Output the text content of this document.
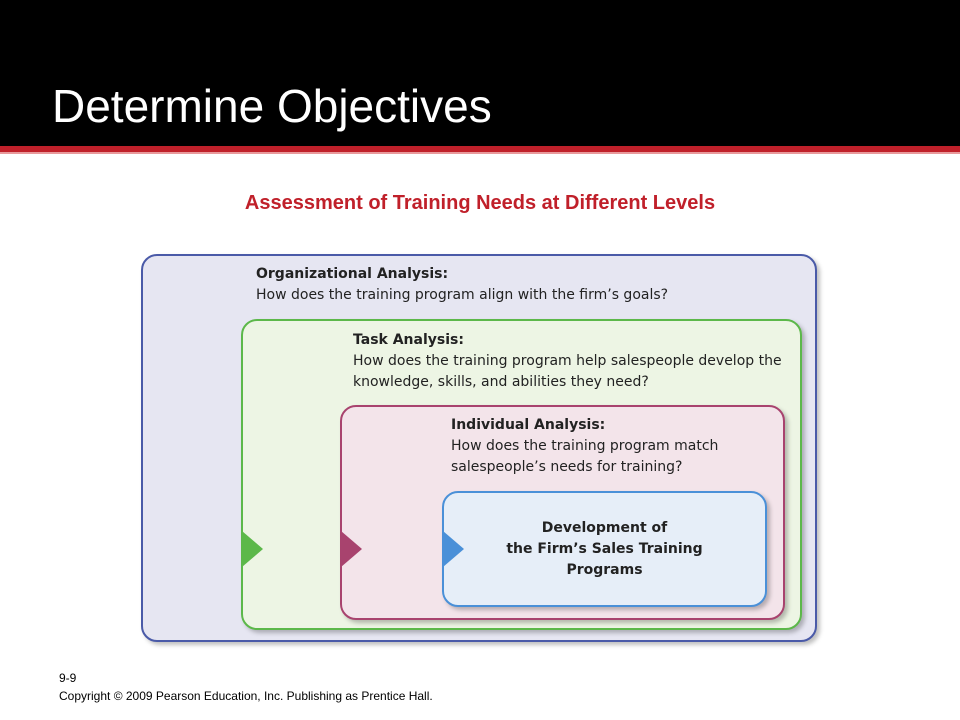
Determine Objectives
Assessment of Training Needs at Different Levels
Organizational Analysis:
How does the training program align with the firm’s goals?
Task Analysis:
How does the training program help salespeople develop the
knowledge, skills, and abilities they need?
Individual Analysis:
How does the training program match
salespeople’s needs for training?
Development of
the Firm’s Sales Training
Programs
9-9
Copyright © 2009 Pearson Education, Inc. Publishing as Prentice Hall.
